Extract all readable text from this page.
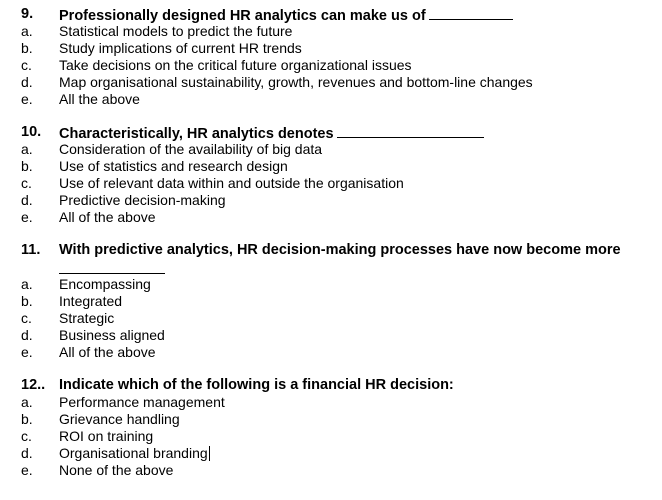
9. Professionally designed HR analytics can make us of
a. Statistical models to predict the future
b. Study implications of current HR trends
c. Take decisions on the critical future organizational issues
d. Map organisational sustainability, growth, revenues and bottom-line changes
e. All the above
10. Characteristically, HR analytics denotes
a. Consideration of the availability of big data
b. Use of statistics and research design
c. Use of relevant data within and outside the organisation
d. Predictive decision-making
e. All of the above
11. With predictive analytics, HR decision-making processes have now become more
a. Encompassing
b. Integrated
c. Strategic
d. Business aligned
e. All of the above
12.. Indicate which of the following is a financial HR decision:
a. Performance management
b. Grievance handling
c. ROI on training
d. Organisational branding
e. None of the above
